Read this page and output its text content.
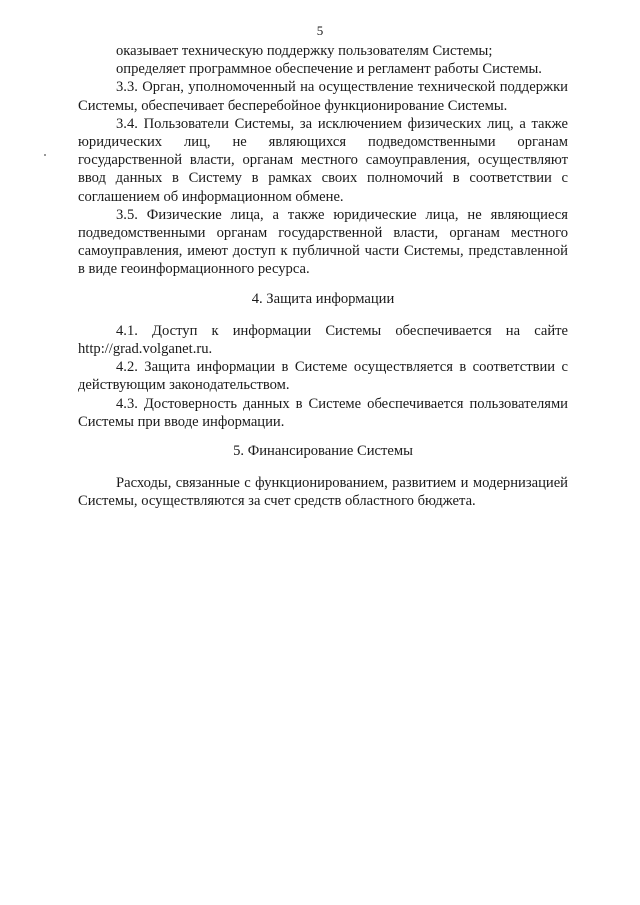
5

оказывает техническую поддержку пользователям Системы;

определяет программное обеспечение и регламент работы Системы.

3.3. Орган, уполномоченный на осуществление технической поддержки Системы, обеспечивает бесперебойное функционирование Системы.

3.4. Пользователи Системы, за исключением физических лиц, а также юридических лиц, не являющихся подведомственными органам государственной власти, органам местного самоуправления, осуществляют ввод данных в Систему в рамках своих полномочий в соответствии с соглашением об информационном обмене.

3.5. Физические лица, а также юридические лица, не являющиеся подведомственными органам государственной власти, органам местного самоуправления, имеют доступ к публичной части Системы, представленной в виде геоинформационного ресурса.

4. Защита информации

4.1. Доступ к информации Системы обеспечивается на сайте http://grad.volganet.ru.

4.2. Защита информации в Системе осуществляется в соответствии с действующим законодательством.

4.3. Достоверность данных в Системе обеспечивается пользователями Системы при вводе информации.

5. Финансирование Системы

Расходы, связанные с функционированием, развитием и модернизацией Системы, осуществляются за счет средств областного бюджета.
